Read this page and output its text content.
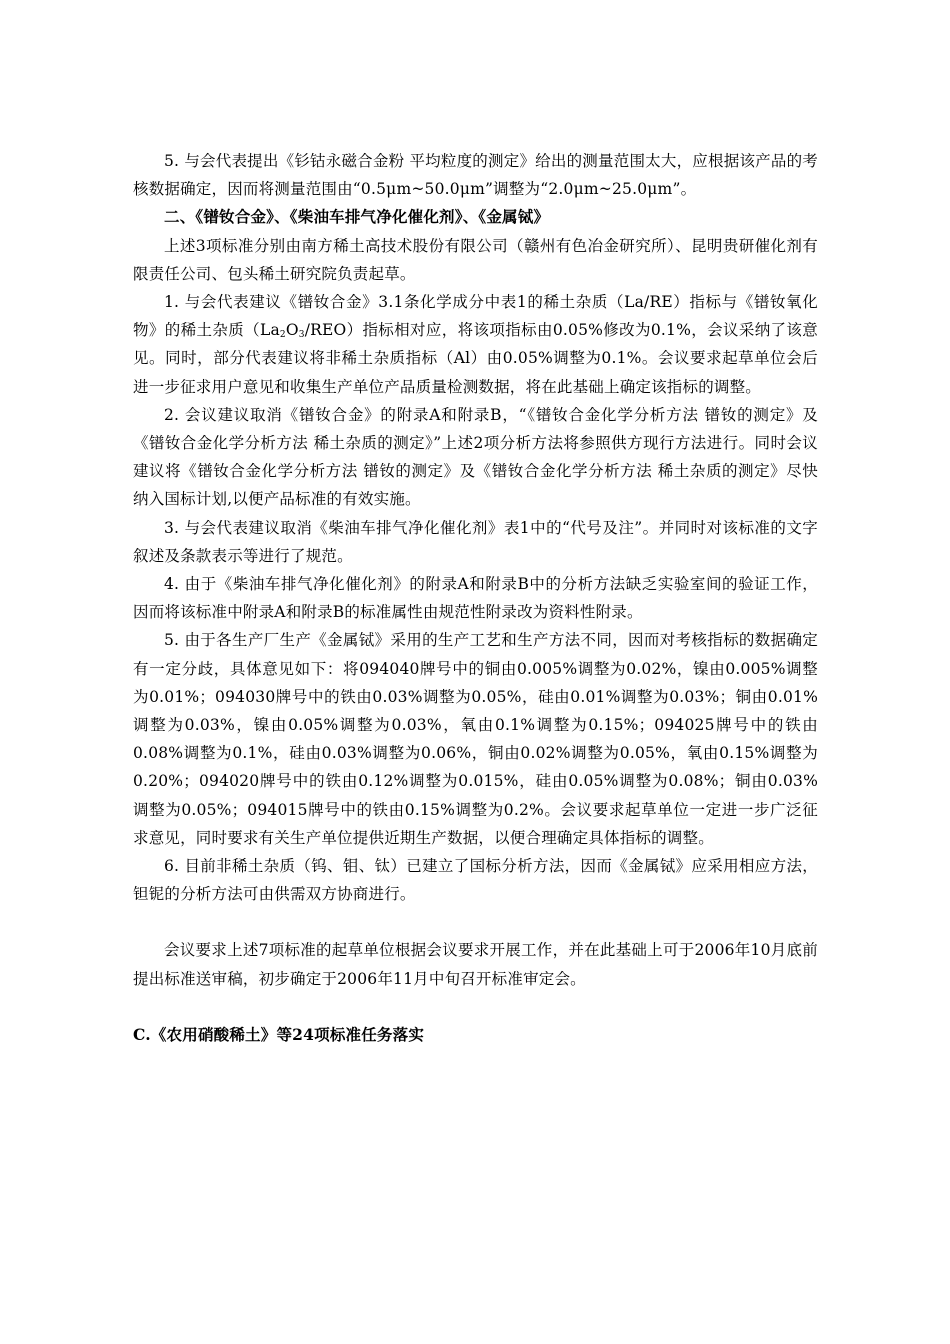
5. 与会代表提出《钐钴永磁合金粉 平均粒度的测定》给出的测量范围太大，应根据该产品的考核数据确定，因而将测量范围由“0.5μm~50.0μm”调整为“2.0μm~25.0μm”。

二、《镨钕合金》、《柴油车排气净化催化剂》、《金属铽》

上述3项标准分别由南方稀土高技术股份有限公司（赣州有色冶金研究所）、昆明贵研催化剂有限责任公司、包头稀土研究院负责起草。

1. 与会代表建议《镨钕合金》3.1条化学成分中表1的稀土杂质（La/RE）指标与《镨钕氧化物》的稀土杂质$(La_2O_3/REO)$指标相对应，将该项指标由0.05%修改为0.1%，会议采纳了该意见。同时，部分代表建议将非稀土杂质指标（Al）由0.05%调整为0.1%。会议要求起草单位会后进一步征求用户意见和收集生产单位产品质量检测数据，将在此基础上确定该指标的调整。

2. 会议建议取消《镨钕合金》的附录A和附录B，“《镨钕合金化学分析方法 镨钕的测定》及《镨钕合金化学分析方法 稀土杂质的测定》”上述2项分析方法将参照供方现行方法进行。同时会议建议将《镨钕合金化学分析方法 镨钕的测定》及《镨钕合金化学分析方法 稀土杂质的测定》尽快纳入国标计划,以便产品标准的有效实施。

3. 与会代表建议取消《柴油车排气净化催化剂》表1中的“代号及注”。并同时对该标准的文字叙述及条款表示等进行了规范。

4. 由于《柴油车排气净化催化剂》的附录A和附录B中的分析方法缺乏实验室间的验证工作，因而将该标准中附录A和附录B的标准属性由规范性附录改为资料性附录。

5. 由于各生产厂生产《金属铽》采用的生产工艺和生产方法不同，因而对考核指标的数据确定有一定分歧，具体意见如下：将094040牌号中的铜由0.005%调整为0.02%，镍由0.005%调整为0.01%；094030牌号中的铁由0.03%调整为0.05%，硅由0.01%调整为0.03%；铜由0.01%调整为0.03%，镍由0.05%调整为0.03%，氧由0.1%调整为0.15%；094025牌号中的铁由0.08%调整为0.1%，硅由0.03%调整为0.06%，铜由0.02%调整为0.05%，氧由0.15%调整为0.20%；094020牌号中的铁由0.12%调整为0.015%，硅由0.05%调整为0.08%；铜由0.03%调整为0.05%；094015牌号中的铁由0.15%调整为0.2%。会议要求起草单位一定进一步广泛征求意见，同时要求有关生产单位提供近期生产数据，以便合理确定具体指标的调整。

6. 目前非稀土杂质（钨、钼、钛）已建立了国标分析方法，因而《金属铽》应采用相应方法，钽铌的分析方法可由供需双方协商进行。

会议要求上述7项标准的起草单位根据会议要求开展工作，并在此基础上可于2006年10月底前提出标准送审稿，初步确定于2006年11月中旬召开标准审定会。

C.《农用硝酸稀土》等24项标准任务落实
